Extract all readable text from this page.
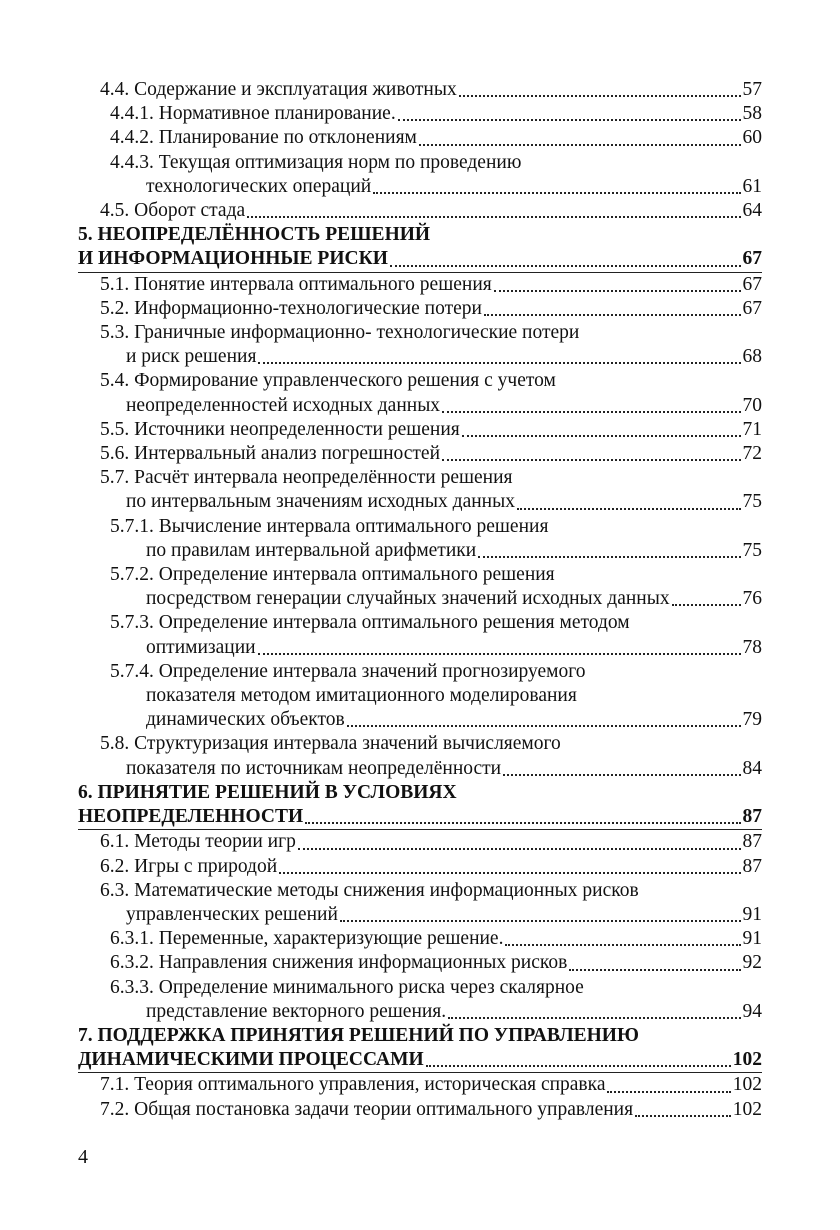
4.4. Содержание и эксплуатация животных	57
4.4.1. Нормативное планирование.	58
4.4.2. Планирование по отклонениям	60
4.4.3. Текущая оптимизация норм по проведению
технологических операций	61
4.5. Оборот стада	64
5. НЕОПРЕДЕЛЁННОСТЬ РЕШЕНИЙ
И ИНФОРМАЦИОННЫЕ РИСКИ	67
5.1. Понятие интервала оптимального решения	67
5.2. Информационно-технологические потери	67
5.3. Граничные информационно- технологические потери
и риск решения	68
5.4. Формирование управленческого решения с учетом
неопределенностей исходных данных	70
5.5. Источники неопределенности решения	71
5.6. Интервальный анализ погрешностей	72
5.7. Расчёт интервала неопределённости решения
по интервальным значениям исходных данных	75
5.7.1. Вычисление интервала оптимального решения
по правилам интервальной арифметики	75
5.7.2. Определение интервала оптимального решения
посредством генерации случайных значений исходных данных	76
5.7.3. Определение интервала оптимального решения методом
оптимизации	78
5.7.4. Определение интервала значений прогнозируемого
показателя методом имитационного моделирования
динамических объектов	79
5.8. Структуризация интервала значений вычисляемого
показателя по источникам неопределённости	84
6. ПРИНЯТИЕ РЕШЕНИЙ В УСЛОВИЯХ
НЕОПРЕДЕЛЕННОСТИ	87
6.1. Методы теории игр	87
6.2. Игры с природой	87
6.3. Математические методы снижения информационных рисков
управленческих решений	91
6.3.1. Переменные, характеризующие решение.	91
6.3.2. Направления снижения информационных рисков	92
6.3.3. Определение минимального риска через скалярное
представление векторного решения.	94
7. ПОДДЕРЖКА ПРИНЯТИЯ РЕШЕНИЙ ПО УПРАВЛЕНИЮ
ДИНАМИЧЕСКИМИ ПРОЦЕССАМИ	102
7.1. Теория оптимального управления, историческая справка	102
7.2. Общая постановка задачи теории оптимального управления	102
4
